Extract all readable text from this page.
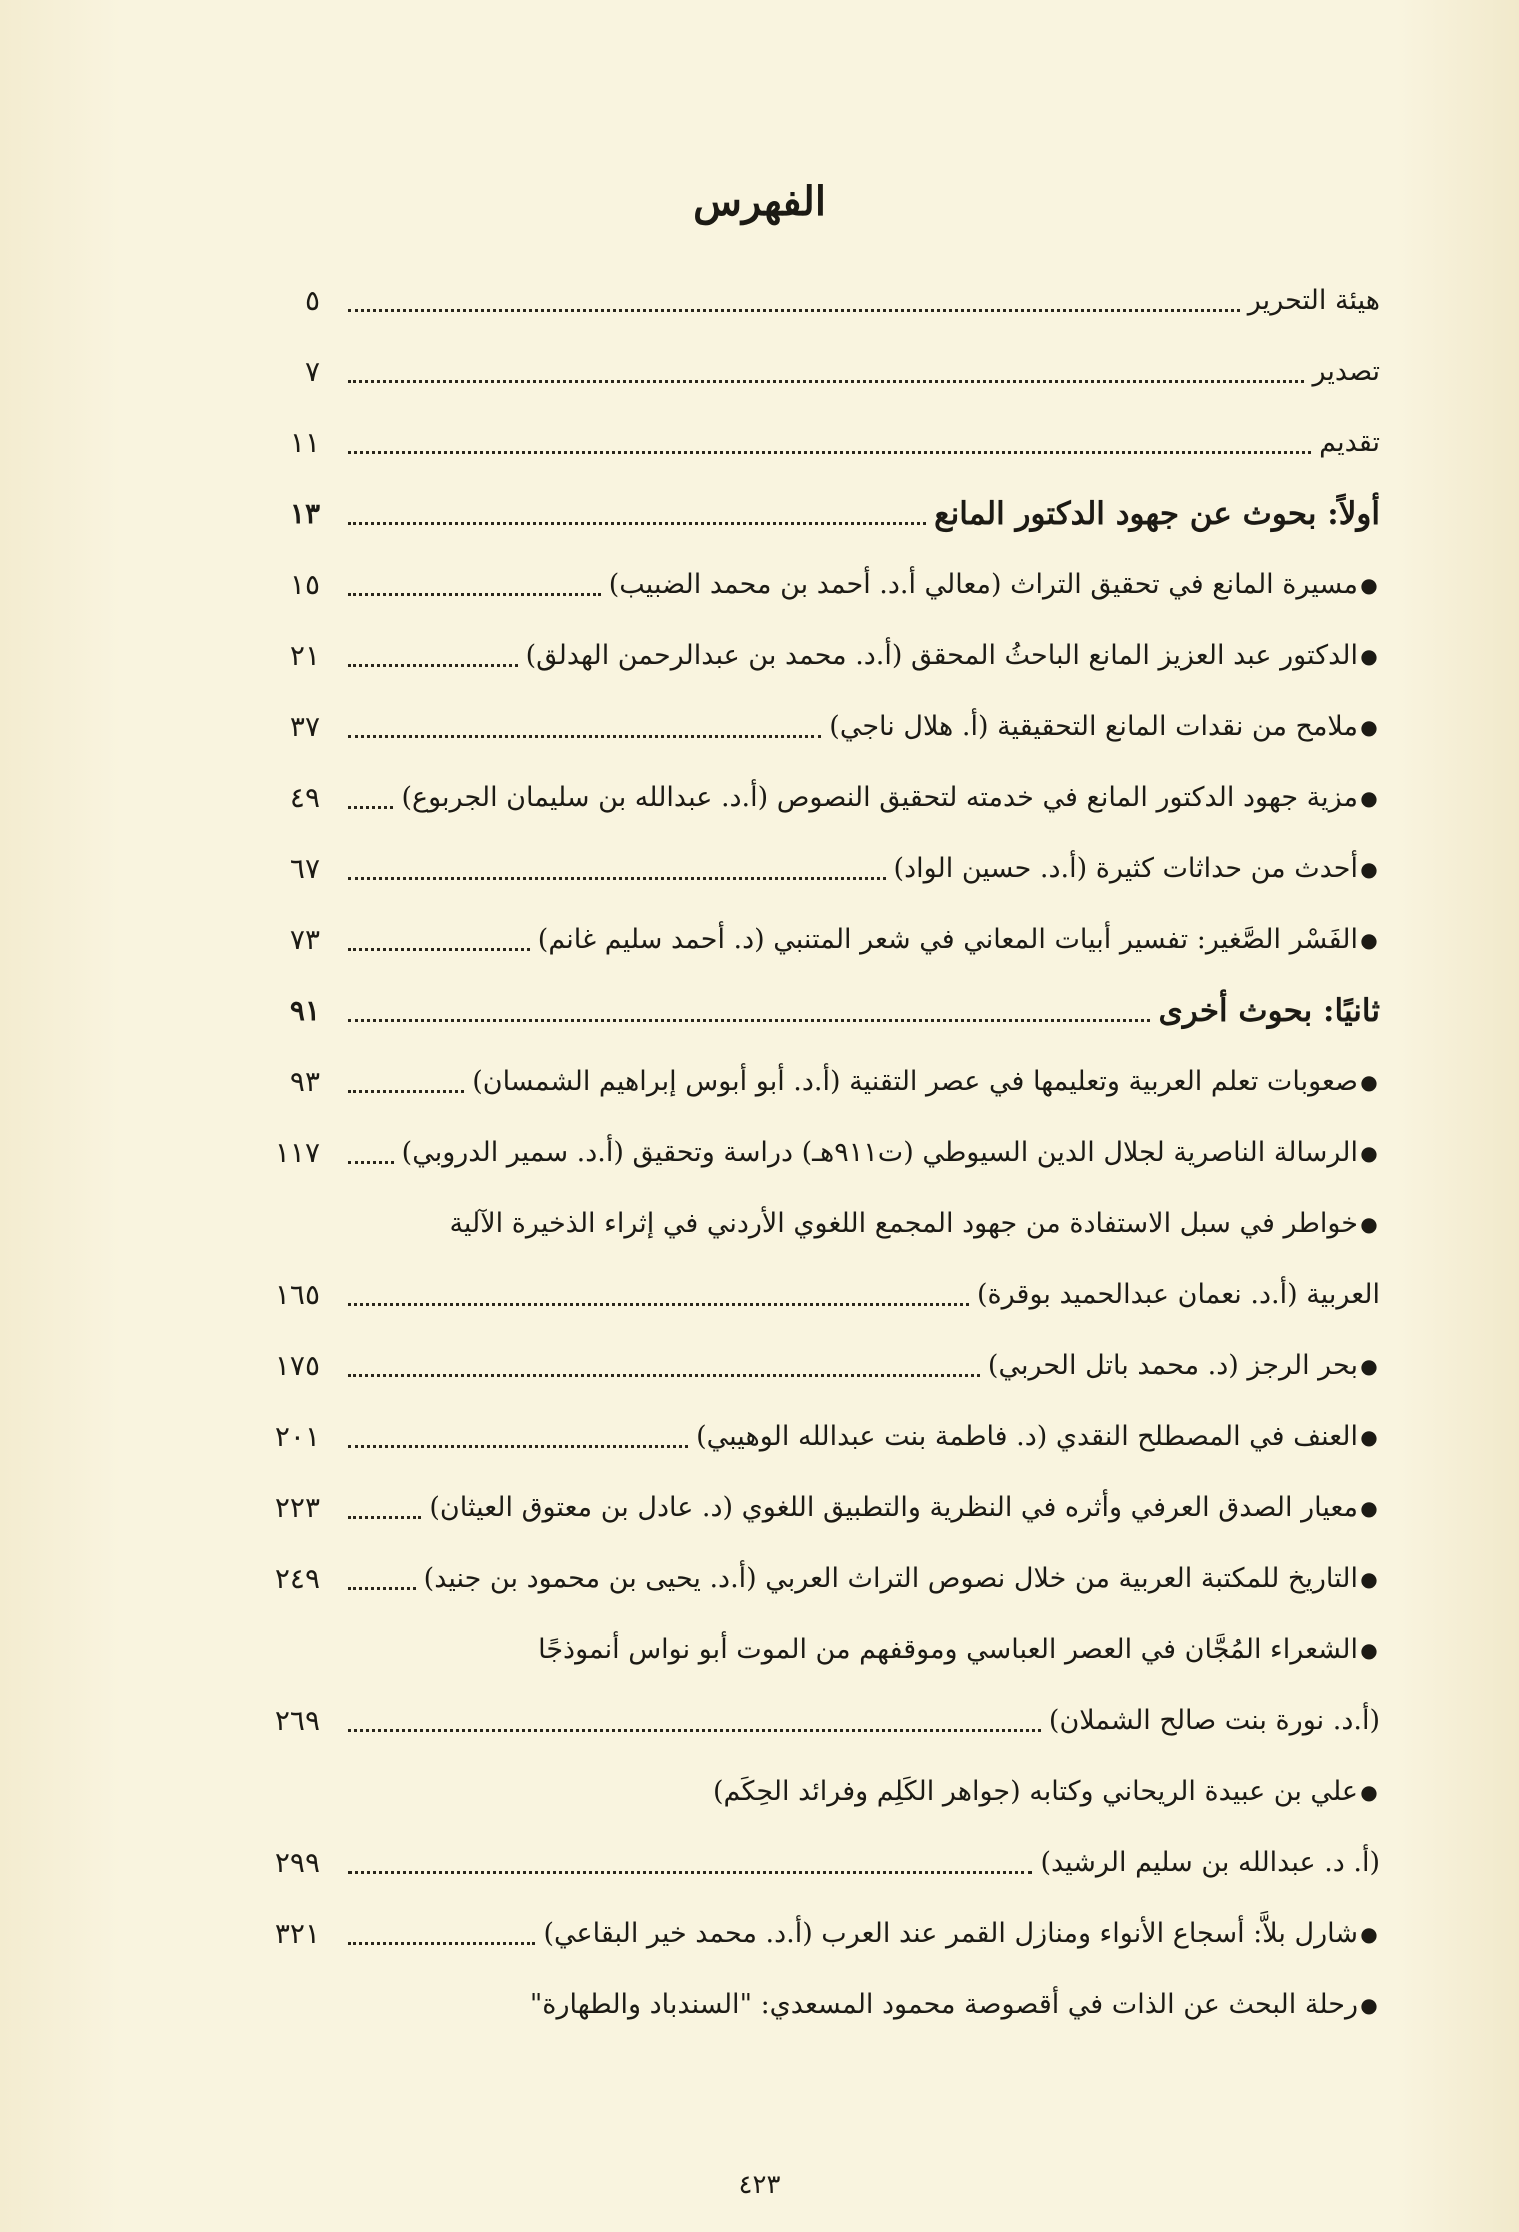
الفهرس
هيئة التحرير
٥
تصدير
٧
تقديم
١١
أولاً: بحوث عن جهود الدكتور المانع
١٣
●
مسيرة المانع في تحقيق التراث (معالي أ.د. أحمد بن محمد الضبيب)
١٥
●
الدكتور عبد العزيز المانع الباحثُ المحقق (أ.د. محمد بن عبدالرحمن الهدلق)
٢١
●
ملامح من نقدات المانع التحقيقية (أ. هلال ناجي)
٣٧
●
مزية جهود الدكتور المانع في خدمته لتحقيق النصوص (أ.د. عبدالله بن سليمان الجربوع)
٤٩
●
أحدث من حداثات كثيرة (أ.د. حسين الواد)
٦٧
●
الفَسْر الصَّغير: تفسير أبيات المعاني في شعر المتنبي (د. أحمد سليم غانم)
٧٣
ثانيًا: بحوث أخرى
٩١
●
صعوبات تعلم العربية وتعليمها في عصر التقنية (أ.د. أبو أبوس إبراهيم الشمسان)
٩٣
●
الرسالة الناصرية لجلال الدين السيوطي (ت٩١١هـ) دراسة وتحقيق (أ.د. سمير الدروبي)
١١٧
●
خواطر في سبل الاستفادة من جهود المجمع اللغوي الأردني في إثراء الذخيرة الآلية
العربية (أ.د. نعمان عبدالحميد بوقرة)
١٦٥
●
بحر الرجز (د. محمد باتل الحربي)
١٧٥
●
العنف في المصطلح النقدي (د. فاطمة بنت عبدالله الوهيبي)
٢٠١
●
معيار الصدق العرفي وأثره في النظرية والتطبيق اللغوي (د. عادل بن معتوق العيثان)
٢٢٣
●
التاريخ للمكتبة العربية من خلال نصوص التراث العربي (أ.د. يحيى بن محمود بن جنيد)
٢٤٩
●
الشعراء المُجَّان في العصر العباسي وموقفهم من الموت أبو نواس أنموذجًا
(أ.د. نورة بنت صالح الشملان)
٢٦٩
●
علي بن عبيدة الريحاني وكتابه (جواهر الكَلِم وفرائد الحِكَم)
(أ. د. عبدالله بن سليم الرشيد)
٢٩٩
●
شارل بلاَّ: أسجاع الأنواء ومنازل القمر عند العرب (أ.د. محمد خير البقاعي)
٣٢١
●
رحلة البحث عن الذات في أقصوصة محمود المسعدي: "السندباد والطهارة"
٤٢٣
